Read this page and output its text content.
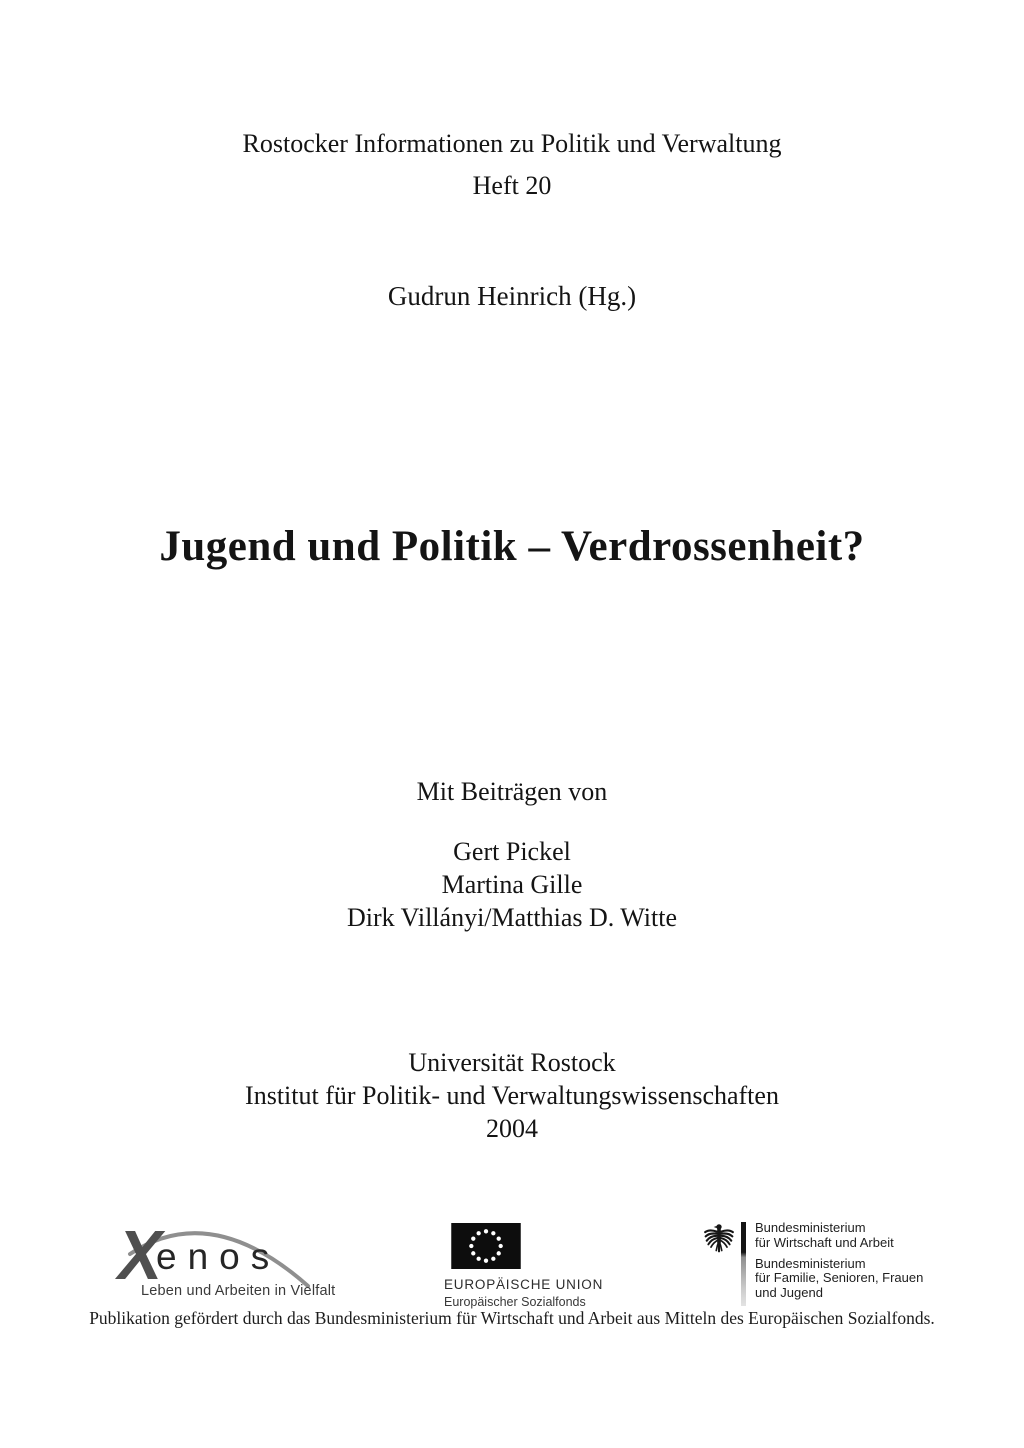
Rostocker Informationen zu Politik und Verwaltung
Heft 20
Gudrun Heinrich (Hg.)
Jugend und Politik – Verdrossenheit?
Mit Beiträgen von
Gert Pickel
Martina Gille
Dirk Villányi/Matthias D. Witte
Universität Rostock
Institut für Politik- und Verwaltungswissenschaften
2004
X
enos
Leben und Arbeiten in Vielfalt	EUROPÄISCHE UNION
Europäischer Sozialfonds
Bundesministerium
für Wirtschaft und Arbeit
Bundesministerium
für Familie, Senioren, Frauen
und Jugend
Publikation gefördert durch das Bundesministerium für Wirtschaft und Arbeit aus Mitteln des Europäischen Sozialfonds.
